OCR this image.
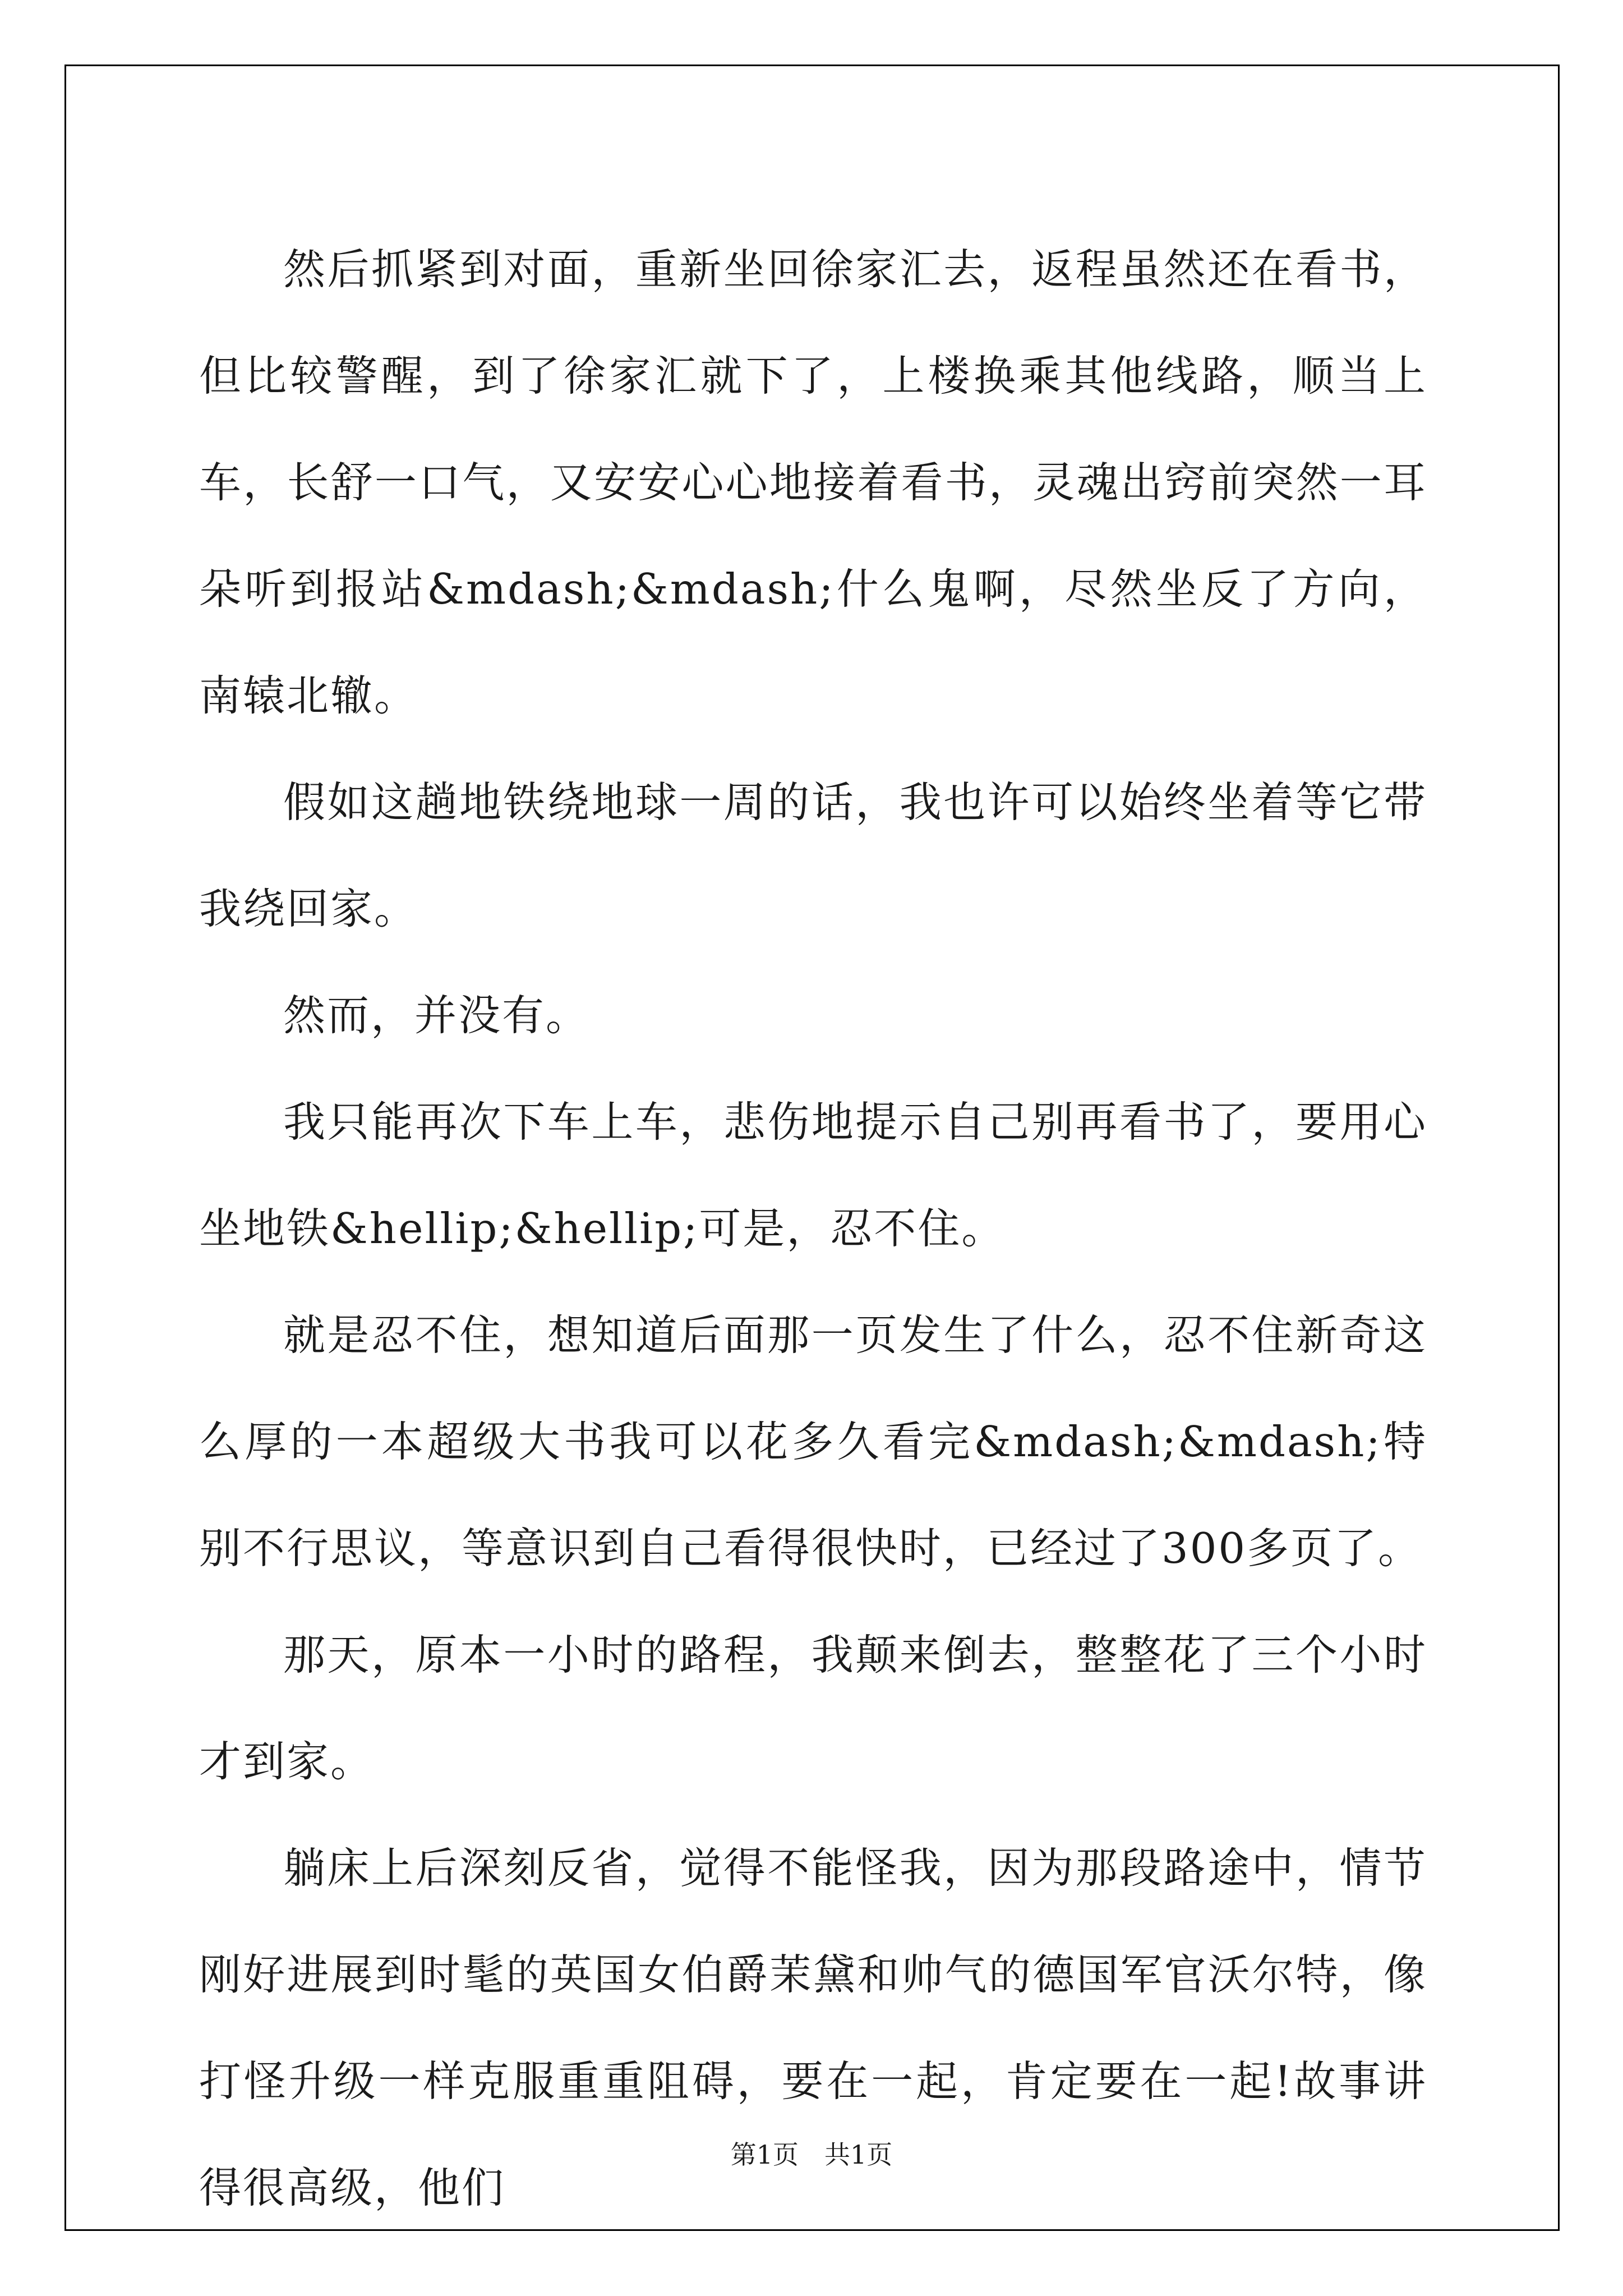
然后抓紧到对面，重新坐回徐家汇去，返程虽然还在看书，但比较警醒，到了徐家汇就下了，上楼换乘其他线路，顺当上车，长舒一口气，又安安心心地接着看书，灵魂出窍前突然一耳朵听到报站&mdash;&mdash;什么鬼啊，尽然坐反了方向，南辕北辙。

假如这趟地铁绕地球一周的话，我也许可以始终坐着等它带我绕回家。

然而，并没有。

我只能再次下车上车，悲伤地提示自己别再看书了，要用心坐地铁&hellip;&hellip;可是，忍不住。

就是忍不住，想知道后面那一页发生了什么，忍不住新奇这么厚的一本超级大书我可以花多久看完&mdash;&mdash;特别不行思议，等意识到自己看得很快时，已经过了300多页了。

那天，原本一小时的路程，我颠来倒去，整整花了三个小时才到家。

躺床上后深刻反省，觉得不能怪我，因为那段路途中，情节刚好进展到时髦的英国女伯爵茉黛和帅气的德国军官沃尔特，像打怪升级一样克服重重阻碍，要在一起，肯定要在一起!故事讲得很高级，他们

第1页　共1页
